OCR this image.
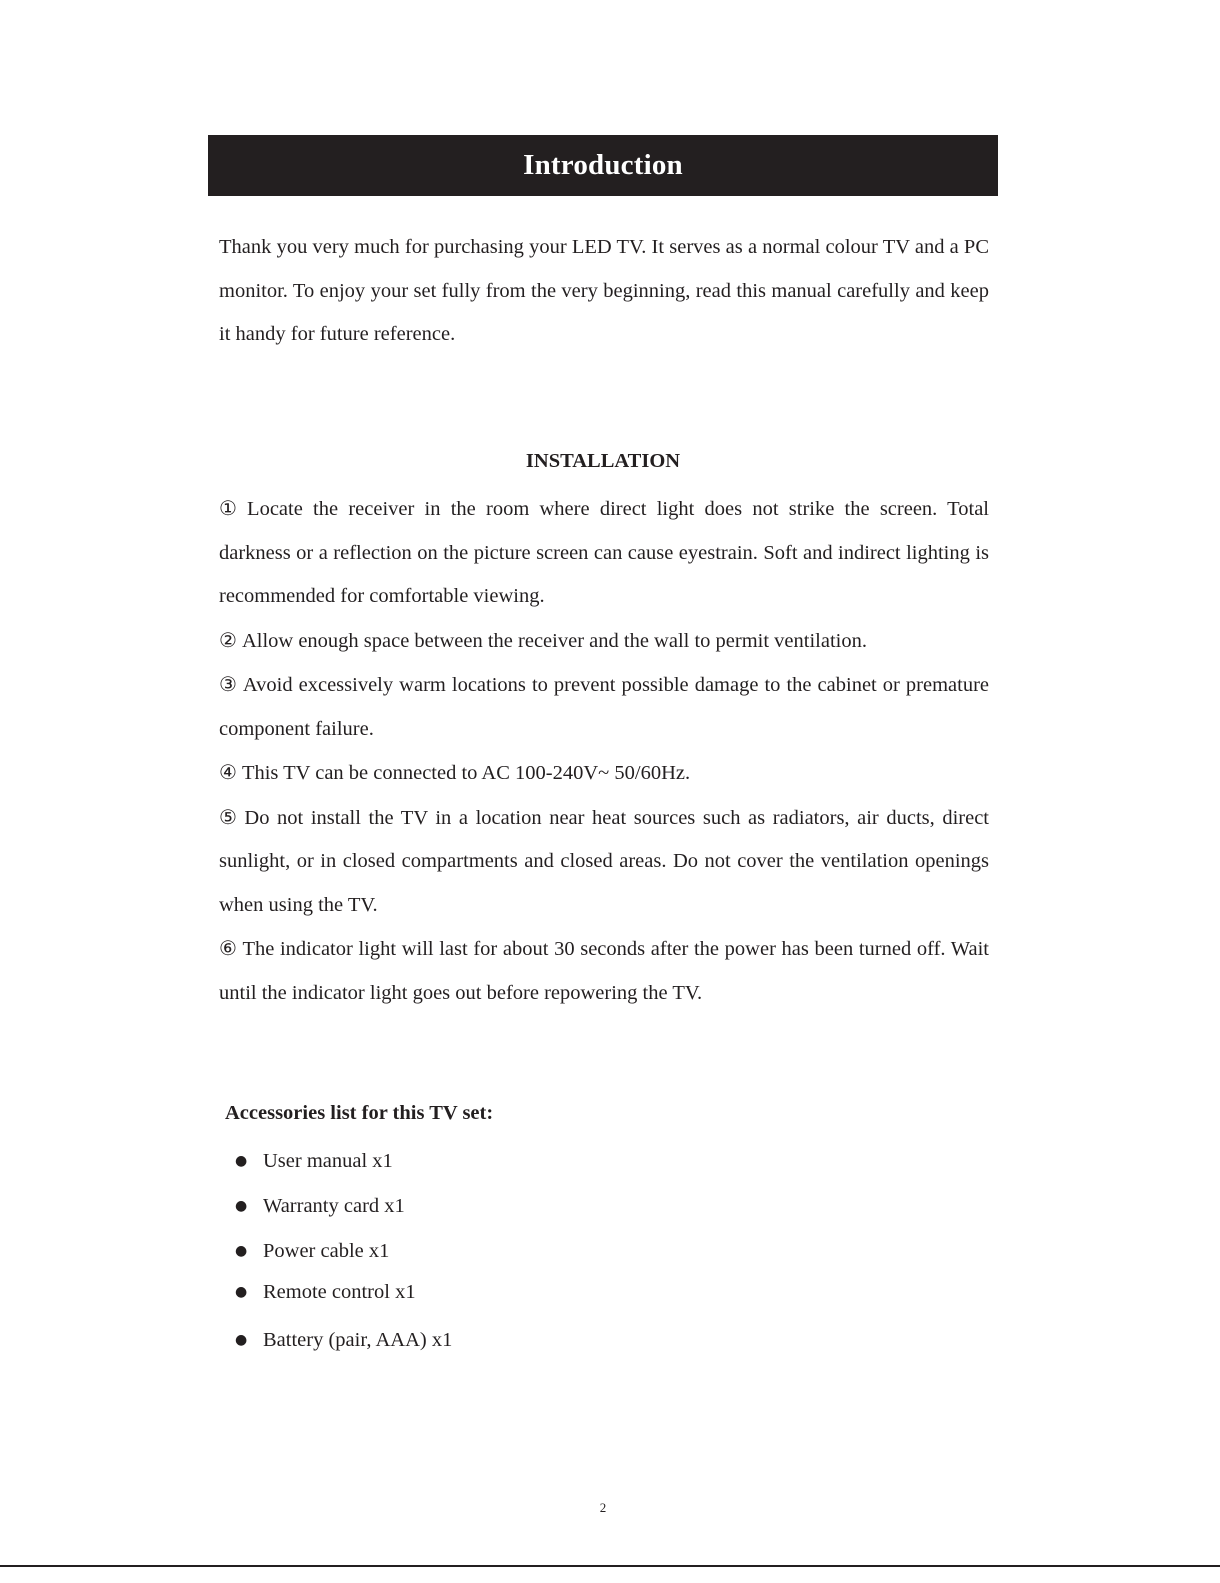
Introduction

Thank you very much for purchasing your LED TV. It serves as a normal colour TV and a PC monitor. To enjoy your set fully from the very beginning, read this manual carefully and keep it handy for future reference.

INSTALLATION
① Locate the receiver in the room where direct light does not strike the screen. Total darkness or a reflection on the picture screen can cause eyestrain. Soft and indirect lighting is recommended for comfortable viewing.
② Allow enough space between the receiver and the wall to permit ventilation.
③ Avoid excessively warm locations to prevent possible damage to the cabinet or premature component failure.
④ This TV can be connected to AC 100-240V~ 50/60Hz.
⑤ Do not install the TV in a location near heat sources such as radiators, air ducts, direct sunlight, or in closed compartments and closed areas. Do not cover the ventilation openings when using the TV.
⑥ The indicator light will last for about 30 seconds after the power has been turned off. Wait until the indicator light goes out before repowering the TV.
Accessories list for this TV set:
● User manual x1
● Warranty card x1
● Power cable x1
● Remote control x1
● Battery (pair, AAA) x1

2
